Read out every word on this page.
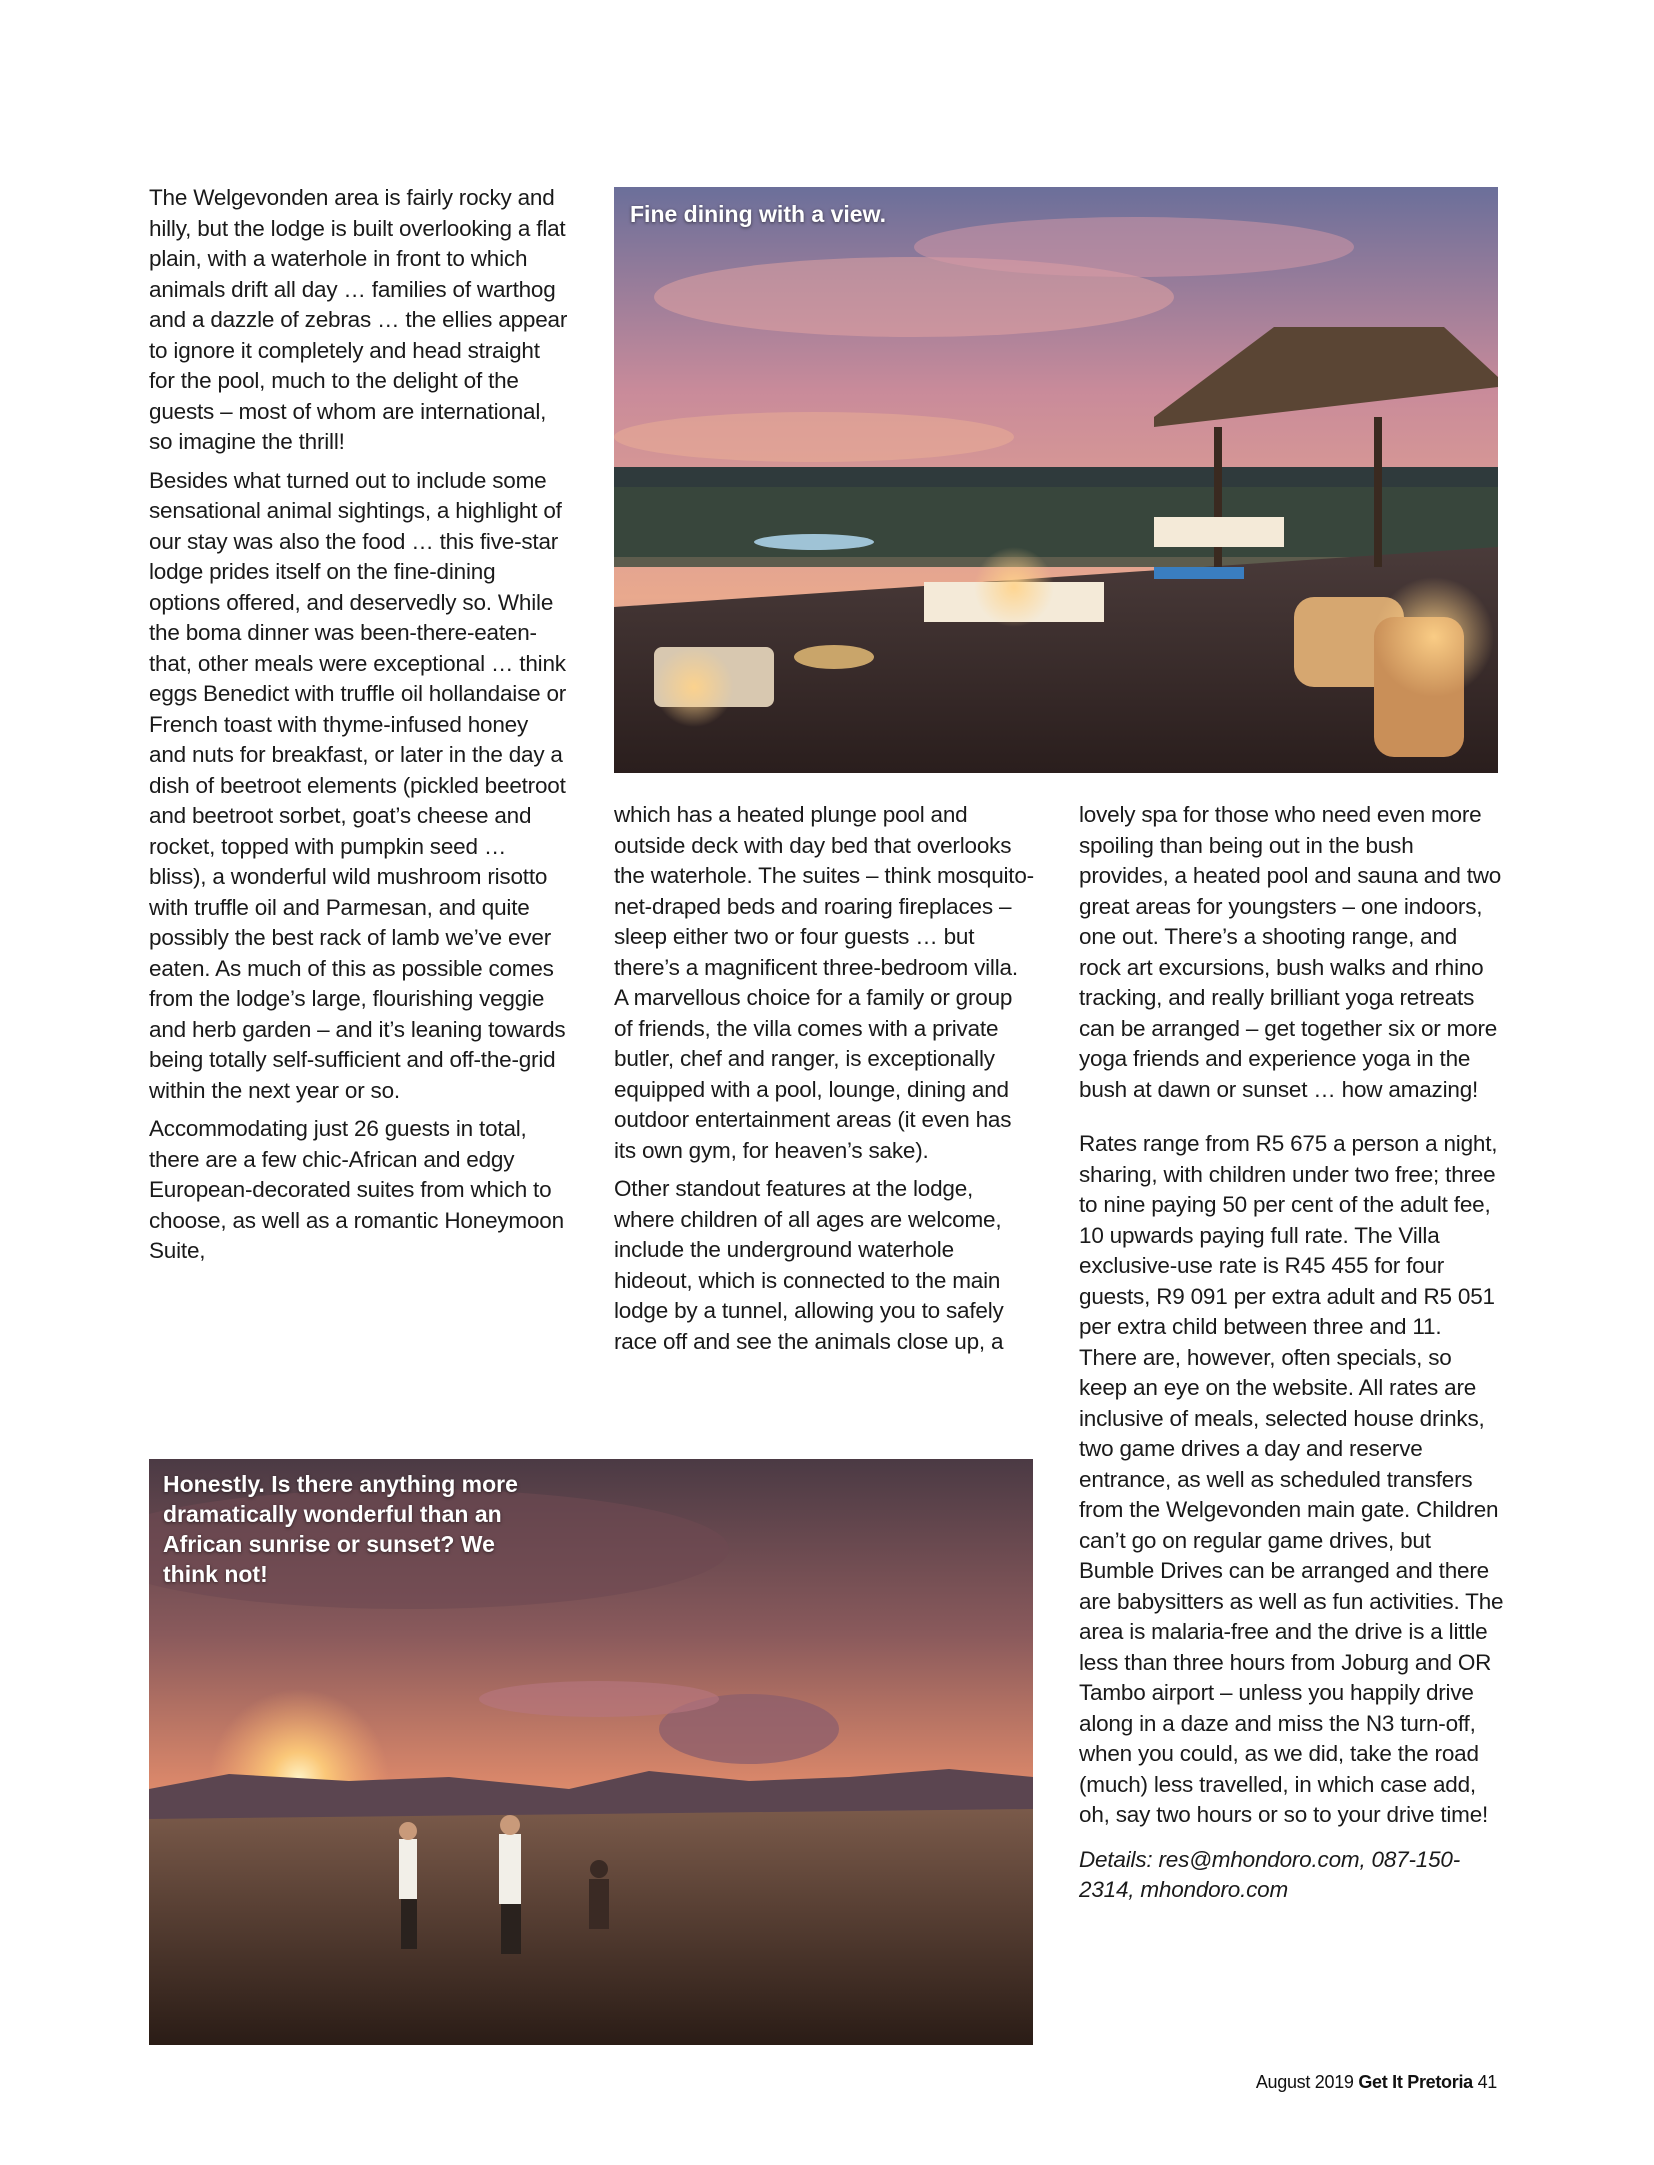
The Welgevonden area is fairly rocky and hilly, but the lodge is built overlooking a flat plain, with a waterhole in front to which animals drift all day … families of warthog and a dazzle of zebras … the ellies appear to ignore it completely and head straight for the pool, much to the delight of the guests – most of whom are international, so imagine the thrill!

Besides what turned out to include some sensational animal sightings, a highlight of our stay was also the food … this five-star lodge prides itself on the fine-dining options offered, and deservedly so. While the boma dinner was been-there-eaten-that, other meals were exceptional … think eggs Benedict with truffle oil hollandaise or French toast with thyme-infused honey and nuts for breakfast, or later in the day a dish of beetroot elements (pickled beetroot and beetroot sorbet, goat’s cheese and rocket, topped with pumpkin seed … bliss), a wonderful wild mushroom risotto with truffle oil and Parmesan, and quite possibly the best rack of lamb we’ve ever eaten. As much of this as possible comes from the lodge’s large, flourishing veggie and herb garden – and it’s leaning towards being totally self-sufficient and off-the-grid within the next year or so.

Accommodating just 26 guests in total, there are a few chic-African and edgy European-decorated suites from which to choose, as well as a romantic Honeymoon Suite,

Fine dining with a view.

which has a heated plunge pool and outside deck with day bed that overlooks the waterhole. The suites – think mosquito-net-draped beds and roaring fireplaces – sleep either two or four guests … but there’s a magnificent three-bedroom villa. A marvellous choice for a family or group of friends, the villa comes with a private butler, chef and ranger, is exceptionally equipped with a pool, lounge, dining and outdoor entertainment areas (it even has its own gym, for heaven’s sake).

Other standout features at the lodge, where children of all ages are welcome, include the underground waterhole hideout, which is connected to the main lodge by a tunnel, allowing you to safely race off and see the animals close up, a

lovely spa for those who need even more spoiling than being out in the bush provides, a heated pool and sauna and two great areas for youngsters – one indoors, one out. There’s a shooting range, and rock art excursions, bush walks and rhino tracking, and really brilliant yoga retreats can be arranged – get together six or more yoga friends and experience yoga in the bush at dawn or sunset … how amazing!

Rates range from R5 675 a person a night, sharing, with children under two free; three to nine paying 50 per cent of the adult fee, 10 upwards paying full rate. The Villa exclusive-use rate is R45 455 for four guests, R9 091 per extra adult and R5 051 per extra child between three and 11. There are, however, often specials, so keep an eye on the website. All rates are inclusive of meals, selected house drinks, two game drives a day and reserve entrance, as well as scheduled transfers from the Welgevonden main gate. Children can’t go on regular game drives, but Bumble Drives can be arranged and there are babysitters as well as fun activities. The area is malaria-free and the drive is a little less than three hours from Joburg and OR Tambo airport – unless you happily drive along in a daze and miss the N3 turn-off, when you could, as we did, take the road (much) less travelled, in which case add, oh, say two hours or so to your drive time!

Details: res@mhondoro.com, 087-150-2314, mhondoro.com

Honestly. Is there anything more dramatically wonderful than an African sunrise or sunset? We think not!
August 2019 Get It Pretoria 41
